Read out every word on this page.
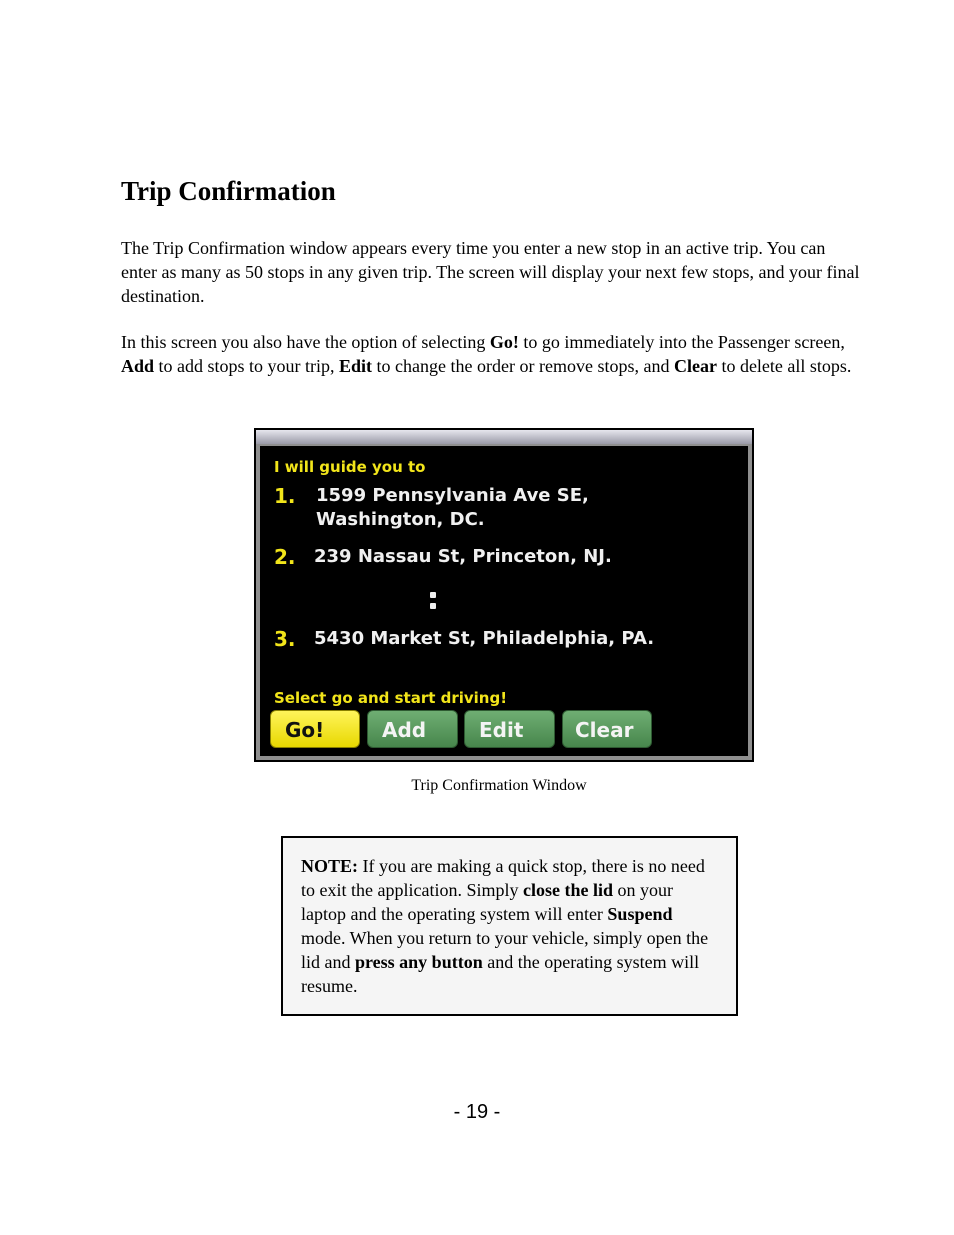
Trip Confirmation

The Trip Confirmation window appears every time you enter a new stop in an active trip. You can enter as many as 50 stops in any given trip. The screen will display your next few stops, and your final destination.

In this screen you also have the option of selecting Go! to go immediately into the Passenger screen, Add to add stops to your trip, Edit to change the order or remove stops, and Clear to delete all stops.

I will guide you to
1. 1599 Pennsylvania Ave SE,
Washington, DC.
2. 239 Nassau St, Princeton, NJ.
3. 5430 Market St, Philadelphia, PA.
Select go and start driving!
Go!	Add	Edit	Clear

Trip Confirmation Window

NOTE: If you are making a quick stop, there is no need to exit the application. Simply close the lid on your laptop and the operating system will enter Suspend mode. When you return to your vehicle, simply open the lid and press any button and the operating system will resume.
- 19 -
